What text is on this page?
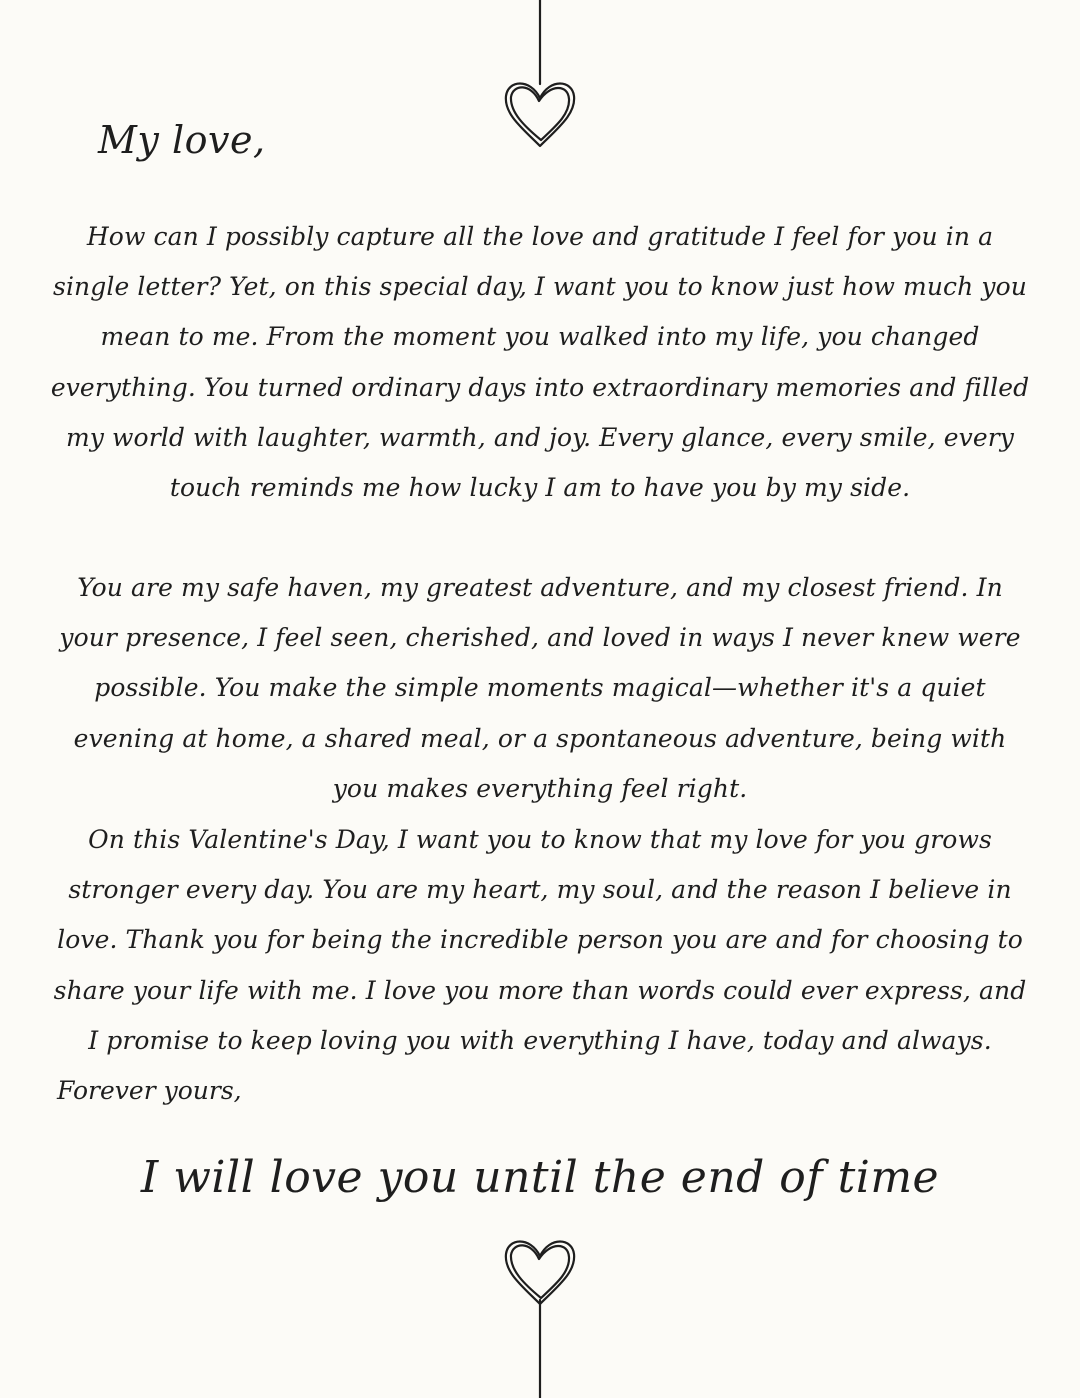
My love,

How can I possibly capture all the love and gratitude I feel for you in a single letter? Yet, on this special day, I want you to know just how much you mean to me. From the moment you walked into my life, you changed everything. You turned ordinary days into extraordinary memories and filled my world with laughter, warmth, and joy. Every glance, every smile, every touch reminds me how lucky I am to have you by my side.

You are my safe haven, my greatest adventure, and my closest friend. In your presence, I feel seen, cherished, and loved in ways I never knew were possible. You make the simple moments magical—whether it's a quiet evening at home, a shared meal, or a spontaneous adventure, being with you makes everything feel right.

On this Valentine's Day, I want you to know that my love for you grows stronger every day. You are my heart, my soul, and the reason I believe in love. Thank you for being the incredible person you are and for choosing to share your life with me. I love you more than words could ever express, and I promise to keep loving you with everything I have, today and always.

Forever yours,

I will love you until the end of time
